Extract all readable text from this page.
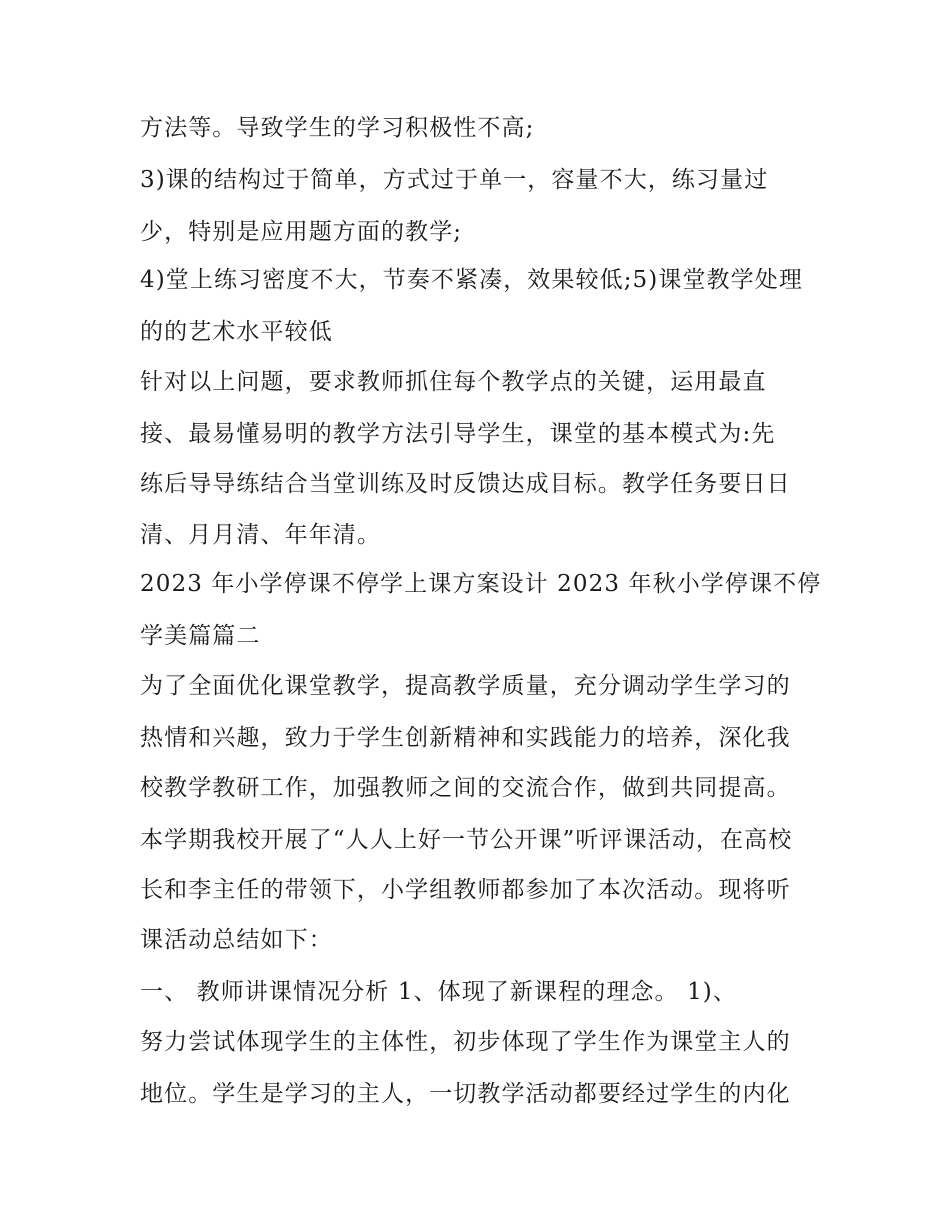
方法等。导致学生的学习积极性不高;
3)课的结构过于简单，方式过于单一，容量不大，练习量过
少，特别是应用题方面的教学;
4)堂上练习密度不大，节奏不紧凑，效果较低;5)课堂教学处理
的的艺术水平较低
针对以上问题，要求教师抓住每个教学点的关键，运用最直
接、最易懂易明的教学方法引导学生，课堂的基本模式为:先
练后导导练结合当堂训练及时反馈达成目标。教学任务要日日
清、月月清、年年清。
2023 年小学停课不停学上课方案设计 2023 年秋小学停课不停
学美篇篇二
为了全面优化课堂教学，提高教学质量，充分调动学生学习的
热情和兴趣，致力于学生创新精神和实践能力的培养，深化我
校教学教研工作，加强教师之间的交流合作，做到共同提高。
本学期我校开展了“人人上好一节公开课”听评课活动，在高校
长和李主任的带领下，小学组教师都参加了本次活动。现将听
课活动总结如下：
一、 教师讲课情况分析 1、体现了新课程的理念。 1)、
努力尝试体现学生的主体性，初步体现了学生作为课堂主人的
地位。学生是学习的主人，一切教学活动都要经过学生的内化
